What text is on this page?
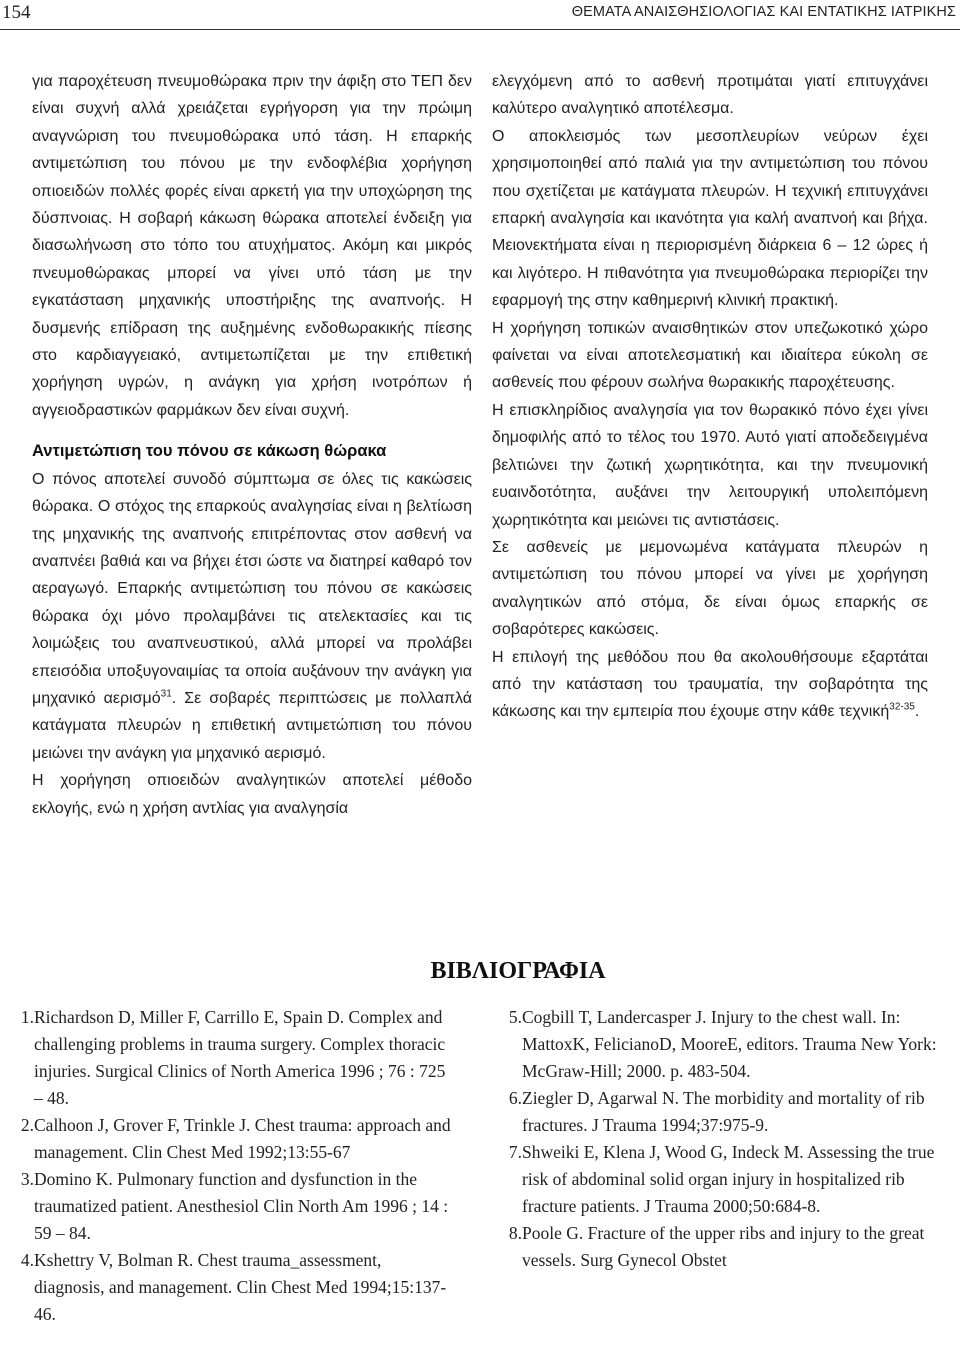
154	ΘΕΜΑΤΑ ΑΝΑΙΣΘΗΣΙΟΛΟΓΙΑΣ ΚΑΙ ΕΝΤΑΤΙΚΗΣ ΙΑΤΡΙΚΗΣ

για παροχέτευση πνευμοθώρακα πριν την άφιξη στο ΤΕΠ δεν είναι συχνή αλλά χρειάζεται εγρήγορση για την πρώιμη αναγνώριση του πνευμοθώρακα υπό τάση. Η επαρκής αντιμετώπιση του πόνου με την ενδοφλέβια χορήγηση οπιοειδών πολλές φορές είναι αρκετή για την υποχώρηση της δύσπνοιας. Η σοβαρή κάκωση θώρακα αποτελεί ένδειξη για διασωλήνωση στο τόπο του ατυχήματος. Ακόμη και μικρός πνευμοθώρακας μπορεί να γίνει υπό τάση με την εγκατάσταση μηχανικής υποστήριξης της αναπνοής. Η δυσμενής επίδραση της αυξημένης ενδοθωρακικής πίεσης στο καρδιαγγειακό, αντιμετωπίζεται με την επιθετική χορήγηση υγρών, η ανάγκη για χρήση ινοτρόπων ή αγγειοδραστικών φαρμάκων δεν είναι συχνή.

Αντιμετώπιση του πόνου σε κάκωση θώρακα

Ο πόνος αποτελεί συνοδό σύμπτωμα σε όλες τις κακώσεις θώρακα. Ο στόχος της επαρκούς αναλγησίας είναι η βελτίωση της μηχανικής της αναπνοής επιτρέποντας στον ασθενή να αναπνέει βαθιά και να βήχει έτσι ώστε να διατηρεί καθαρό τον αεραγωγό. Επαρκής αντιμετώπιση του πόνου σε κακώσεις θώρακα όχι μόνο προλαμβάνει τις ατελεκτασίες και τις λοιμώξεις του αναπνευστικού, αλλά μπορεί να προλάβει επεισόδια υποξυγοναιμίας τα οποία αυξάνουν την ανάγκη για μηχανικό αερισμό$^{31}$. Σε σοβαρές περιπτώσεις με πολλαπλά κατάγματα πλευρών η επιθετική αντιμετώπιση του πόνου μειώνει την ανάγκη για μηχανικό αερισμό.

Η χορήγηση οπιοειδών αναλγητικών αποτελεί μέθοδο εκλογής, ενώ η χρήση αντλίας για αναλγησία

ελεγχόμενη από το ασθενή προτιμάται γιατί επιτυγχάνει καλύτερο αναλγητικό αποτέλεσμα.

Ο αποκλεισμός των μεσοπλευρίων νεύρων έχει χρησιμοποιηθεί από παλιά για την αντιμετώπιση του πόνου που σχετίζεται με κατάγματα πλευρών. Η τεχνική επιτυγχάνει επαρκή αναλγησία και ικανότητα για καλή αναπνοή και βήχα. Μειονεκτήματα είναι η περιορισμένη διάρκεια 6 – 12 ώρες ή και λιγότερο. Η πιθανότητα για πνευμοθώρακα περιορίζει την εφαρμογή της στην καθημερινή κλινική πρακτική.

Η χορήγηση τοπικών αναισθητικών στον υπεζωκοτικό χώρο φαίνεται να είναι αποτελεσματική και ιδιαίτερα εύκολη σε ασθενείς που φέρουν σωλήνα θωρακικής παροχέτευσης.

Η επισκληρίδιος αναλγησία για τον θωρακικό πόνο έχει γίνει δημοφιλής από το τέλος του 1970. Αυτό γιατί αποδεδειγμένα βελτιώνει την ζωτική χωρητικότητα, και την πνευμονική ευαινδοτότητα, αυξάνει την λειτουργική υπολειπόμενη χωρητικότητα και μειώνει τις αντιστάσεις.

Σε ασθενείς με μεμονωμένα κατάγματα πλευρών η αντιμετώπιση του πόνου μπορεί να γίνει με χορήγηση αναλγητικών από στόμα, δε είναι όμως επαρκής σε σοβαρότερες κακώσεις.

Η επιλογή της μεθόδου που θα ακολουθήσουμε εξαρτάται από την κατάσταση του τραυματία, την σοβαρότητα της κάκωσης και την εμπειρία που έχουμε στην κάθε τεχνική$^{32-35}$.

ΒΙΒΛΙΟΓΡΑΦΙΑ
1. Richardson D, Miller F, Carrillo E, Spain D. Complex and challenging problems in trauma surgery. Complex thoracic injuries. Surgical Clinics of North America 1996 ; 76 : 725 – 48.
2. Calhoon J, Grover F, Trinkle J. Chest trauma: approach and management. Clin Chest Med 1992;13:55-67
3. Domino K. Pulmonary function and dysfunction in the traumatized patient. Anesthesiol Clin North Am 1996 ; 14 : 59 – 84.
4. Kshettry V, Bolman R. Chest trauma_assessment, diagnosis, and management. Clin Chest Med 1994;15:137-46.
5. Cogbill T, Landercasper J. Injury to the chest wall. In: MattoxK, FelicianoD, MooreE, editors. Trauma New York: McGraw-Hill; 2000. p. 483-504.
6. Ziegler D, Agarwal N. The morbidity and mortality of rib fractures. J Trauma 1994;37:975-9.
7. Shweiki E, Klena J, Wood G, Indeck M. Assessing the true risk of abdominal solid organ injury in hospitalized rib fracture patients. J Trauma 2000;50:684-8.
8. Poole G. Fracture of the upper ribs and injury to the great vessels. Surg Gynecol Obstet
